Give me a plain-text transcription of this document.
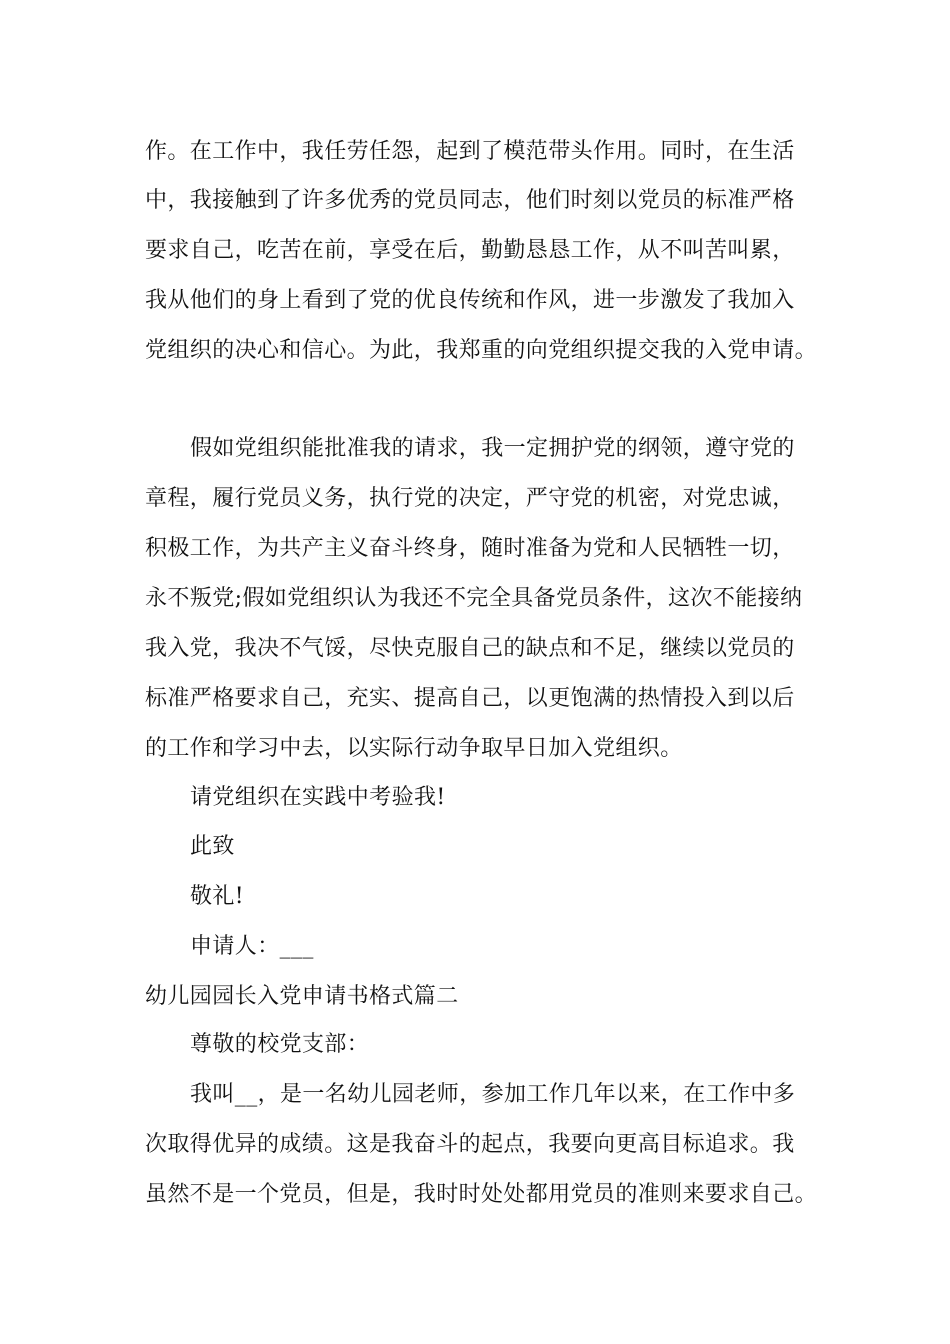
作。在工作中，我任劳任怨，起到了模范带头作用。同时，在生活
中，我接触到了许多优秀的党员同志，他们时刻以党员的标准严格
要求自己，吃苦在前，享受在后，勤勤恳恳工作，从不叫苦叫累，
我从他们的身上看到了党的优良传统和作风，进一步激发了我加入
党组织的决心和信心。为此，我郑重的向党组织提交我的入党申请。
假如党组织能批准我的请求，我一定拥护党的纲领，遵守党的
章程，履行党员义务，执行党的决定，严守党的机密，对党忠诚，
积极工作，为共产主义奋斗终身，随时准备为党和人民牺牲一切，
永不叛党;假如党组织认为我还不完全具备党员条件，这次不能接纳
我入党，我决不气馁，尽快克服自己的缺点和不足，继续以党员的
标准严格要求自己，充实、提高自己，以更饱满的热情投入到以后
的工作和学习中去，以实际行动争取早日加入党组织。
请党组织在实践中考验我!
此致
敬礼!
申请人：___
幼儿园园长入党申请书格式篇二
尊敬的校党支部：
我叫__，是一名幼儿园老师，参加工作几年以来，在工作中多
次取得优异的成绩。这是我奋斗的起点，我要向更高目标追求。我
虽然不是一个党员，但是，我时时处处都用党员的准则来要求自己。
